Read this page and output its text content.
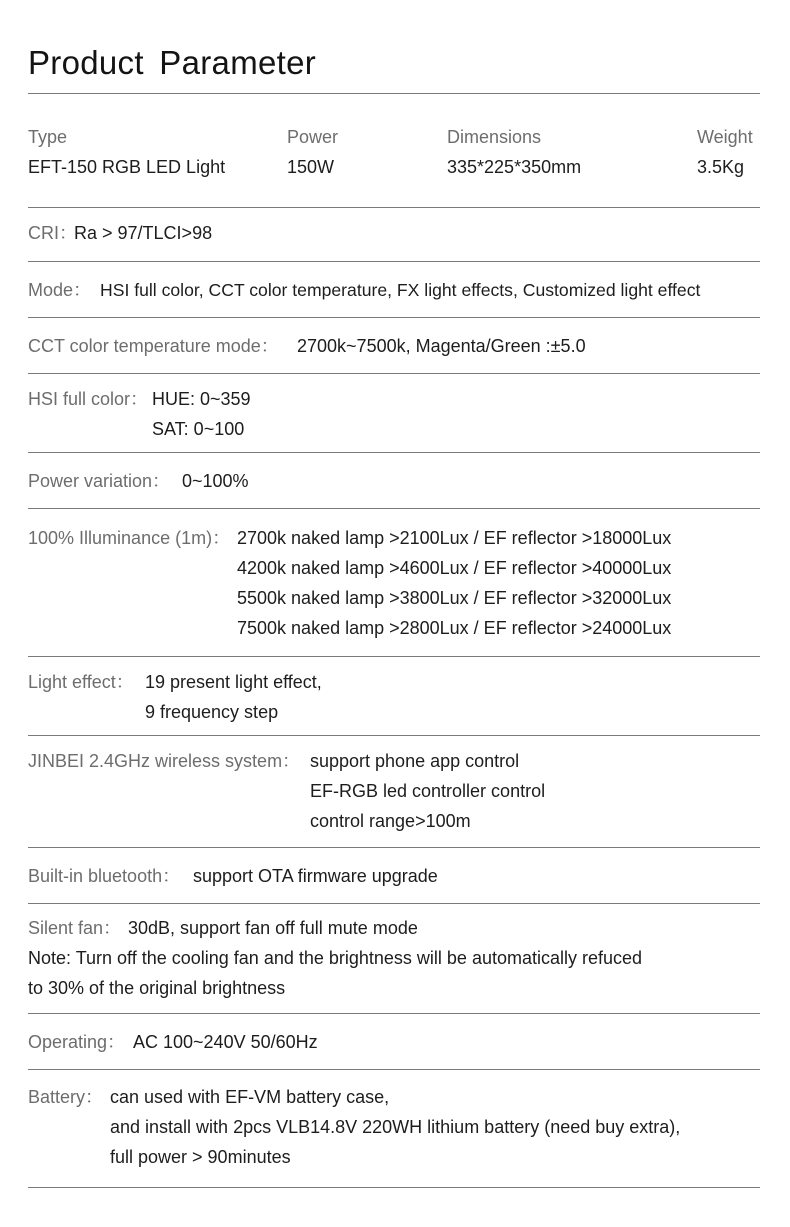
Product Parameter
Type
EFT-150 RGB LED Light
Power
150W
Dimensions
335*225*350mm
Weight
3.5Kg
CRI：
Ra > 97/TLCI>98
Mode： HSI full color, CCT color temperature, FX light effects, Customized light effect
CCT color temperature mode： 2700k~7500k, Magenta/Green :±5.0
HSI full color： HUE: 0~359
SAT: 0~100
Power variation： 0~100%
100% Illuminance (1m)： 2700k naked lamp >2100Lux / EF reflector >18000Lux
4200k naked lamp >4600Lux / EF reflector >40000Lux
5500k naked lamp >3800Lux / EF reflector >32000Lux
7500k naked lamp >2800Lux / EF reflector >24000Lux
Light effect： 19 present light effect,
9 frequency step
JINBEI 2.4GHz wireless system： support phone app control
EF-RGB led controller control
control range>100m
Built-in bluetooth： support OTA firmware upgrade
Silent fan： 30dB, support fan off full mute mode
Note: Turn off the cooling fan and the brightness will be automatically refuced
to 30% of the original brightness
Operating： AC 100~240V 50/60Hz
Battery： can used with EF-VM battery case,
and install with 2pcs VLB14.8V 220WH lithium battery (need buy extra),
full power > 90minutes
